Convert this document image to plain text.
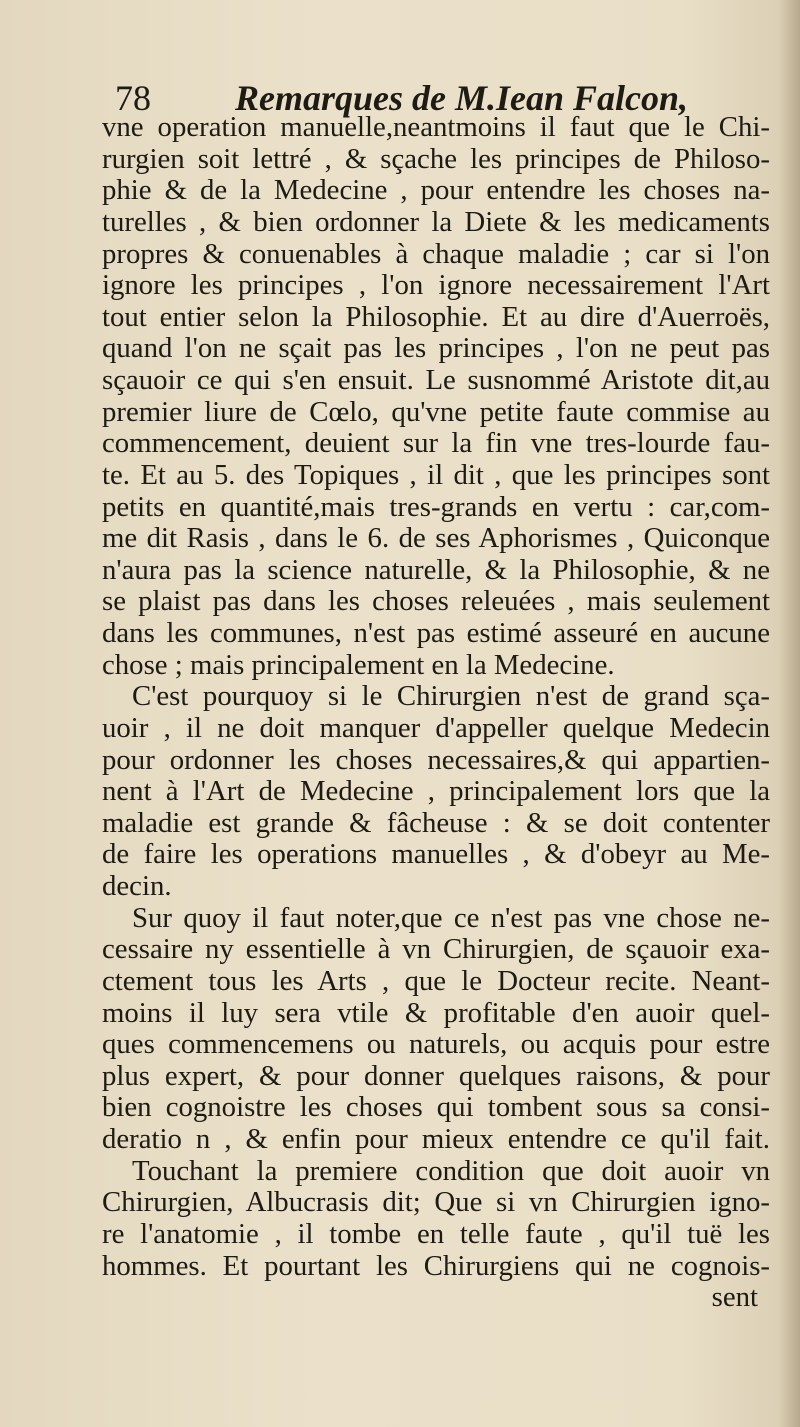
78 Remarques de M.Iean Falcon,
vne operation manuelle,neantmoins il faut que le Chi-
rurgien soit lettré , & sçache les principes de Philoso-
phie & de la Medecine , pour entendre les choses na-
turelles , & bien ordonner la Diete & les medicaments
propres & conuenables à chaque maladie ; car si l'on
ignore les principes , l'on ignore necessairement l'Art
tout entier selon la Philosophie. Et au dire d'Auerroës,
quand l'on ne sçait pas les principes , l'on ne peut pas
sçauoir ce qui s'en ensuit. Le susnommé Aristote dit,au
premier liure de Cœlo, qu'vne petite faute commise au
commencement, deuient sur la fin vne tres-lourde fau-
te. Et au 5. des Topiques , il dit , que les principes sont
petits en quantité,mais tres-grands en vertu : car,com-
me dit Rasis , dans le 6. de ses Aphorismes , Quiconque
n'aura pas la science naturelle, & la Philosophie, & ne
se plaist pas dans les choses releuées , mais seulement
dans les communes, n'est pas estimé asseuré en aucune
chose ; mais principalement en la Medecine.
C'est pourquoy si le Chirurgien n'est de grand sça-
uoir , il ne doit manquer d'appeller quelque Medecin
pour ordonner les choses necessaires,& qui appartien-
nent à l'Art de Medecine , principalement lors que la
maladie est grande & fâcheuse : & se doit contenter
de faire les operations manuelles , & d'obeyr au Me-
decin.
Sur quoy il faut noter,que ce n'est pas vne chose ne-
cessaire ny essentielle à vn Chirurgien, de sçauoir exa-
ctement tous les Arts , que le Docteur recite. Neant-
moins il luy sera vtile & profitable d'en auoir quel-
ques commencemens ou naturels, ou acquis pour estre
plus expert, & pour donner quelques raisons, & pour
bien cognoistre les choses qui tombent sous sa consi-
deratio n , & enfin pour mieux entendre ce qu'il fait.
Touchant la premiere condition que doit auoir vn
Chirurgien, Albucrasis dit; Que si vn Chirurgien igno-
re l'anatomie , il tombe en telle faute , qu'il tuë les
hommes. Et pourtant les Chirurgiens qui ne cognois-
sent
